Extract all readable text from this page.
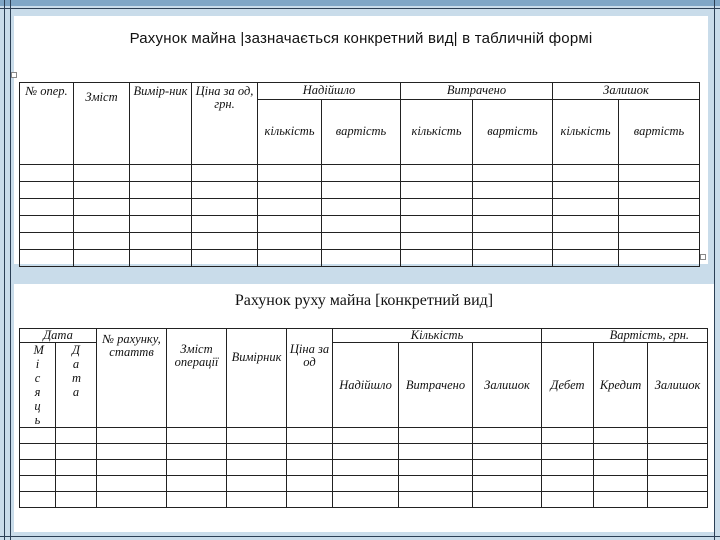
Рахунок майна |зазначається конкретний вид| в табличній формі

№ опер.	Зміст	Вимір-ник	Ціна за од, грн.	Надійшло		Витрачено		Залишок	
				кількість	вартість	кількість	вартість	кількість	вартість

Рахунок руху майна [конкретний вид]

Дата		№ рахунку, статтв	Зміст операції	Вимірник	Ціна за од	Кількість			Вартість, грн.		
Місяць	Дата										
						Надійшло	Витрачено	Залишок	Дебет	Кредит	Залишок
